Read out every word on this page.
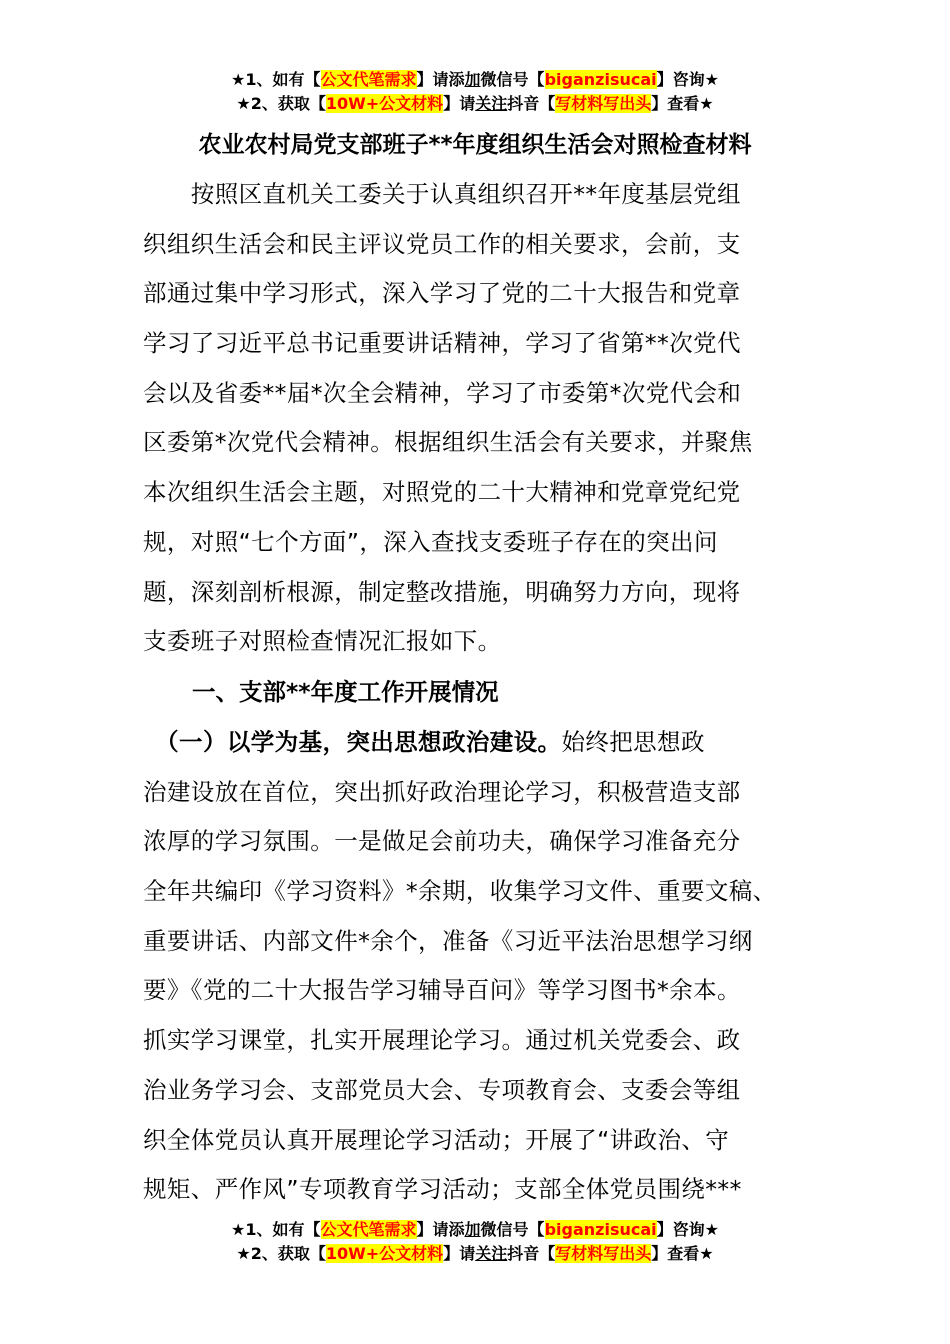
★1、如有【公文代笔需求】请添加微信号【biganzisucai】咨询★
★2、获取【10W+公文材料】请关注抖音【写材料写出头】查看★
农业农村局党支部班子**年度组织生活会对照检查材料
　　按照区直机关工委关于认真组织召开**年度基层党组
织组织生活会和民主评议党员工作的相关要求，会前，支
部通过集中学习形式，深入学习了党的二十大报告和党章
学习了习近平总书记重要讲话精神，学习了省第**次党代
会以及省委**届*次全会精神，学习了市委第*次党代会和
区委第*次党代会精神。根据组织生活会有关要求，并聚焦
本次组织生活会主题，对照党的二十大精神和党章党纪党
规，对照“七个方面”，深入查找支委班子存在的突出问
题，深刻剖析根源，制定整改措施，明确努力方向，现将
支委班子对照检查情况汇报如下。
一、支部**年度工作开展情况
　（一）以学为基，突出思想政治建设。始终把思想政
治建设放在首位，突出抓好政治理论学习，积极营造支部
浓厚的学习氛围。一是做足会前功夫，确保学习准备充分
全年共编印《学习资料》*余期，收集学习文件、重要文稿、
重要讲话、内部文件*余个，准备《习近平法治思想学习纲
要》《党的二十大报告学习辅导百问》等学习图书*余本。
抓实学习课堂，扎实开展理论学习。通过机关党委会、政
治业务学习会、支部党员大会、专项教育会、支委会等组
织全体党员认真开展理论学习活动；开展了“讲政治、守
规矩、严作风”专项教育学习活动；支部全体党员围绕***
★1、如有【公文代笔需求】请添加微信号【biganzisucai】咨询★
★2、获取【10W+公文材料】请关注抖音【写材料写出头】查看★
